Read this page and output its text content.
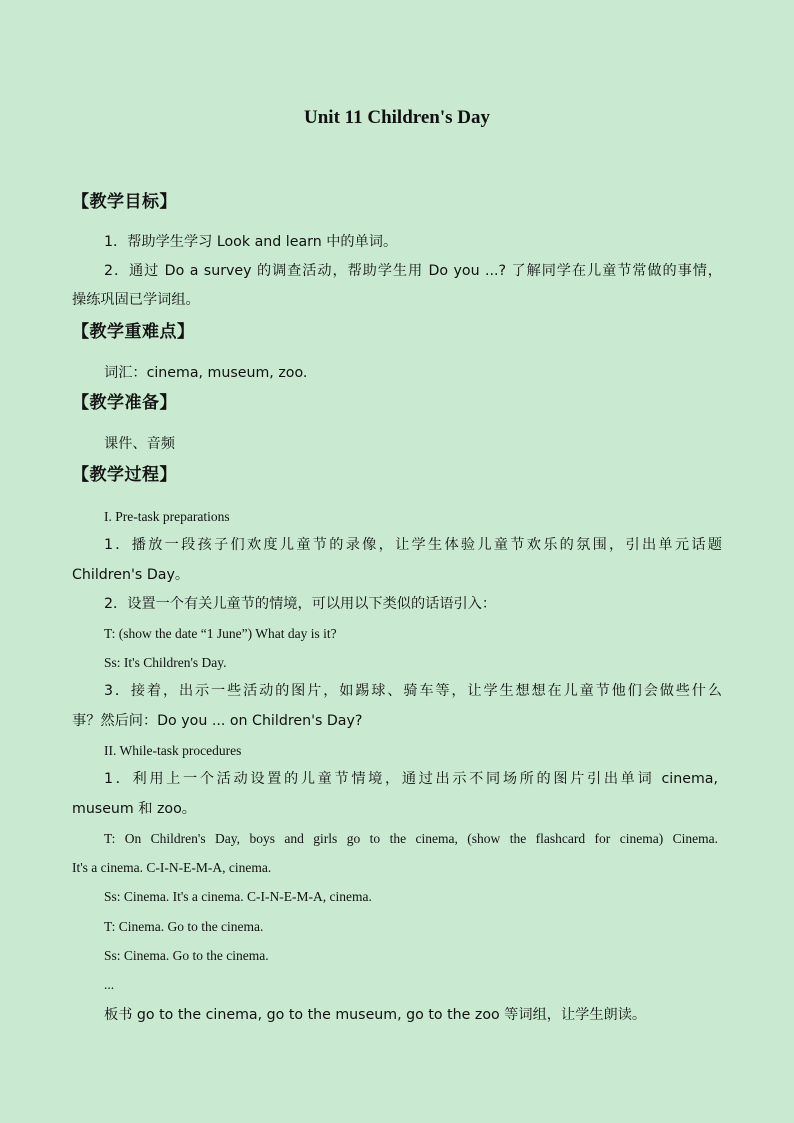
Unit 11 Children's Day
【教学目标】
1．帮助学生学习 Look and learn 中的单词。
2．通过 Do a survey 的调查活动，帮助学生用 Do you ...? 了解同学在儿童节常做的事情，
操练巩固已学词组。
【教学重难点】
词汇：cinema, museum, zoo.
【教学准备】
课件、音频
【教学过程】
I. Pre-task preparations
1．播放一段孩子们欢度儿童节的录像，让学生体验儿童节欢乐的氛围，引出单元话题
Children's Day。
2．设置一个有关儿童节的情境，可以用以下类似的话语引入：
T: (show the date “1 June”) What day is it?
Ss: It's Children's Day.
3．接着，出示一些活动的图片，如踢球、骑车等，让学生想想在儿童节他们会做些什么
事？然后问：Do you ... on Children's Day?
II. While-task procedures
1．利用上一个活动设置的儿童节情境，通过出示不同场所的图片引出单词 cinema,
museum 和 zoo。
T: On Children's Day, boys and girls go to the cinema, (show the flashcard for cinema) Cinema.
It's a cinema. C-I-N-E-M-A, cinema.
Ss: Cinema. It's a cinema. C-I-N-E-M-A, cinema.
T: Cinema. Go to the cinema.
Ss: Cinema. Go to the cinema.
...
板书 go to the cinema, go to the museum, go to the zoo 等词组，让学生朗读。
